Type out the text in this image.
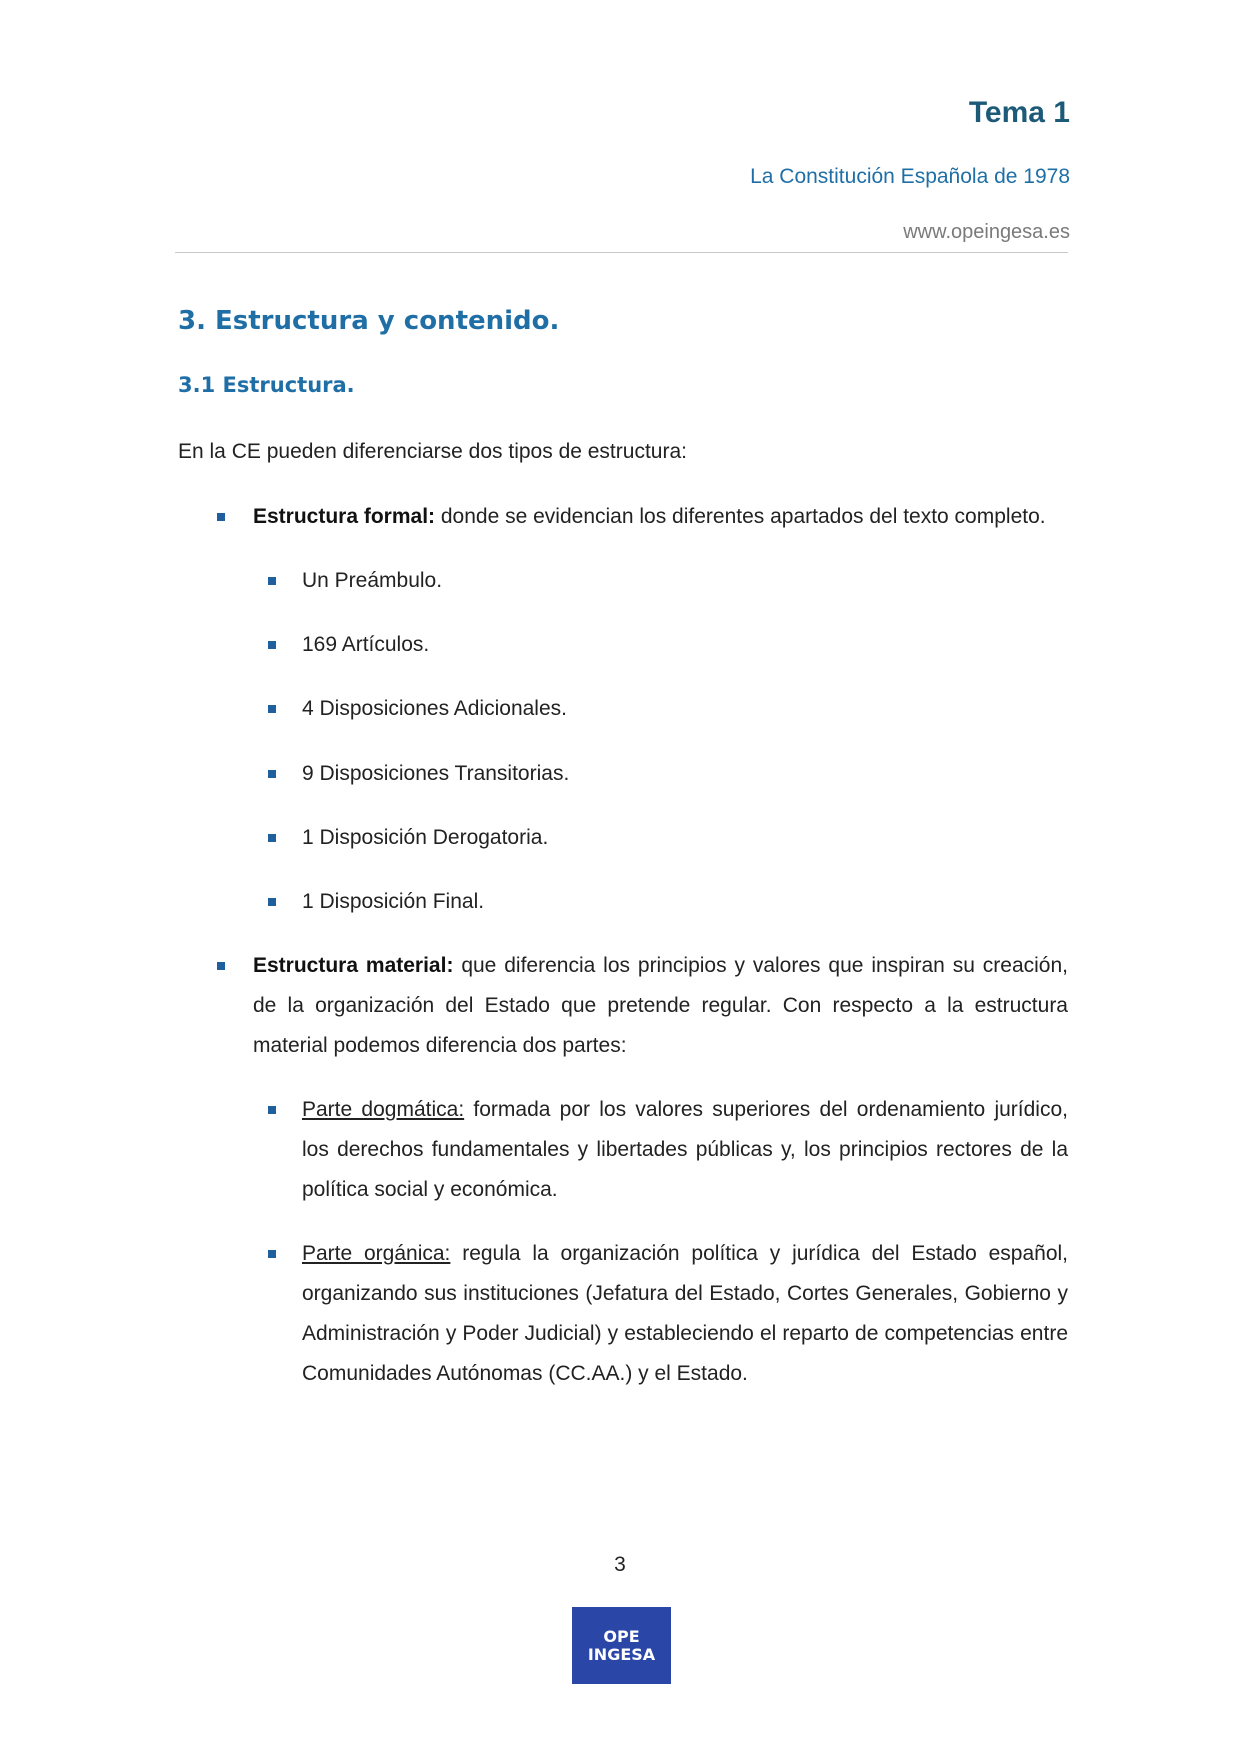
Tema 1
La Constitución Española de 1978
www.opeingesa.es
3. Estructura y contenido.
3.1 Estructura.

En la CE pueden diferenciarse dos tipos de estructura:

Estructura formal: donde se evidencian los diferentes apartados del texto completo.
Un Preámbulo.
169 Artículos.
4 Disposiciones Adicionales.
9 Disposiciones Transitorias.
1 Disposición Derogatoria.
1 Disposición Final.
Estructura material: que diferencia los principios y valores que inspiran su creación, de la organización del Estado que pretende regular. Con respecto a la estructura material podemos diferencia dos partes:
Parte dogmática: formada por los valores superiores del ordenamiento jurídico, los derechos fundamentales y libertades públicas y, los principios rectores de la política social y económica.
Parte orgánica: regula la organización política y jurídica del Estado español, organizando sus instituciones (Jefatura del Estado, Cortes Generales, Gobierno y Administración y Poder Judicial) y estableciendo el reparto de competencias entre Comunidades Autónomas (CC.AA.) y el Estado.
3
OPE
INGESA
